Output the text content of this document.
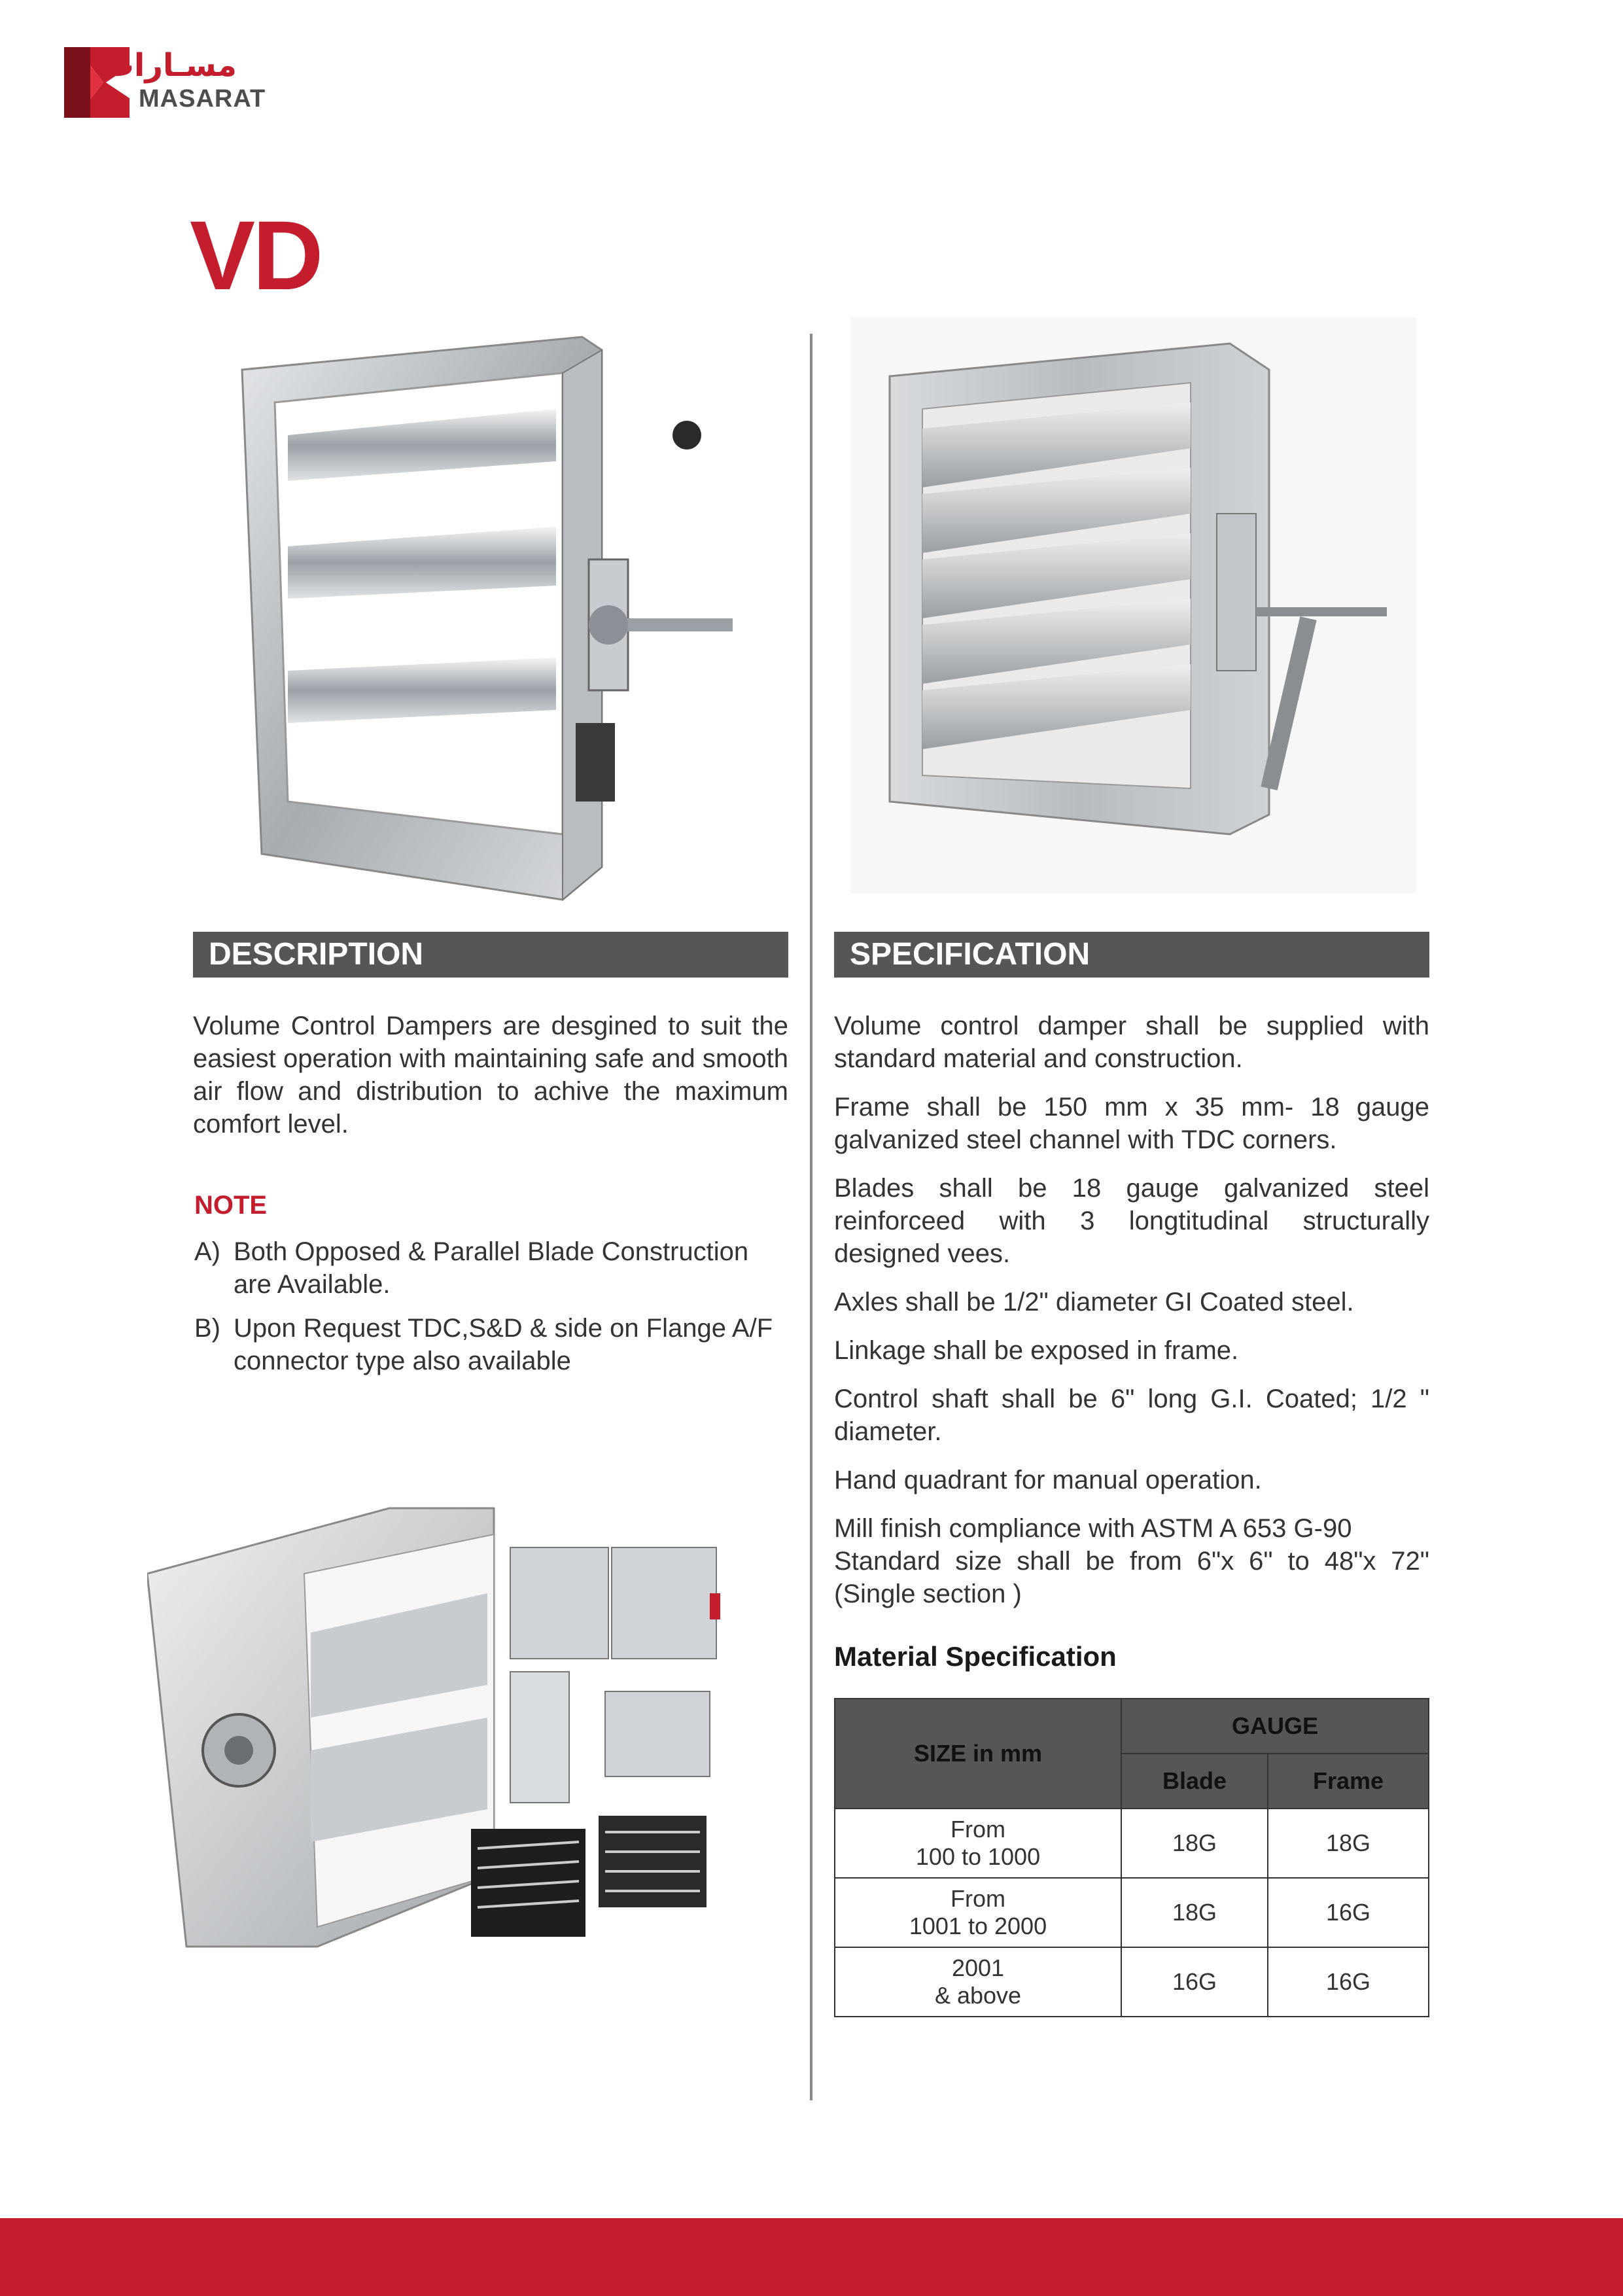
مسـارات
MASARAT
VD
DESCRIPTION
Volume Control Dampers are desgined to suit the easiest operation with maintaining safe and smooth air flow and distribution to achive the maximum comfort level.
NOTE
A) Both Opposed & Parallel Blade Construction are Available.
B) Upon Request TDC,S&D & side on Flange A/F connector type also available
SPECIFICATION
Volume control damper shall be supplied with standard material and construction.
Frame shall be 150 mm x 35 mm- 18 gauge galvanized steel channel with TDC corners.
Blades shall be 18 gauge galvanized steel reinforceed with 3 longtitudinal structurally designed vees.
Axles shall be 1/2" diameter GI Coated steel.
Linkage shall be exposed in frame.
Control shaft shall be 6" long G.I. Coated; 1/2 " diameter.
Hand quadrant for manual operation.
Mill finish compliance with ASTM A 653 G-90
Standard size shall be from 6"x 6" to 48"x 72" (Single section )
Material Specification
SIZE in mm	GAUGE	
	Blade	Frame
From
100 to 1000	18G	18G
From
1001 to 2000	18G	16G
2001
& above	16G	16G
